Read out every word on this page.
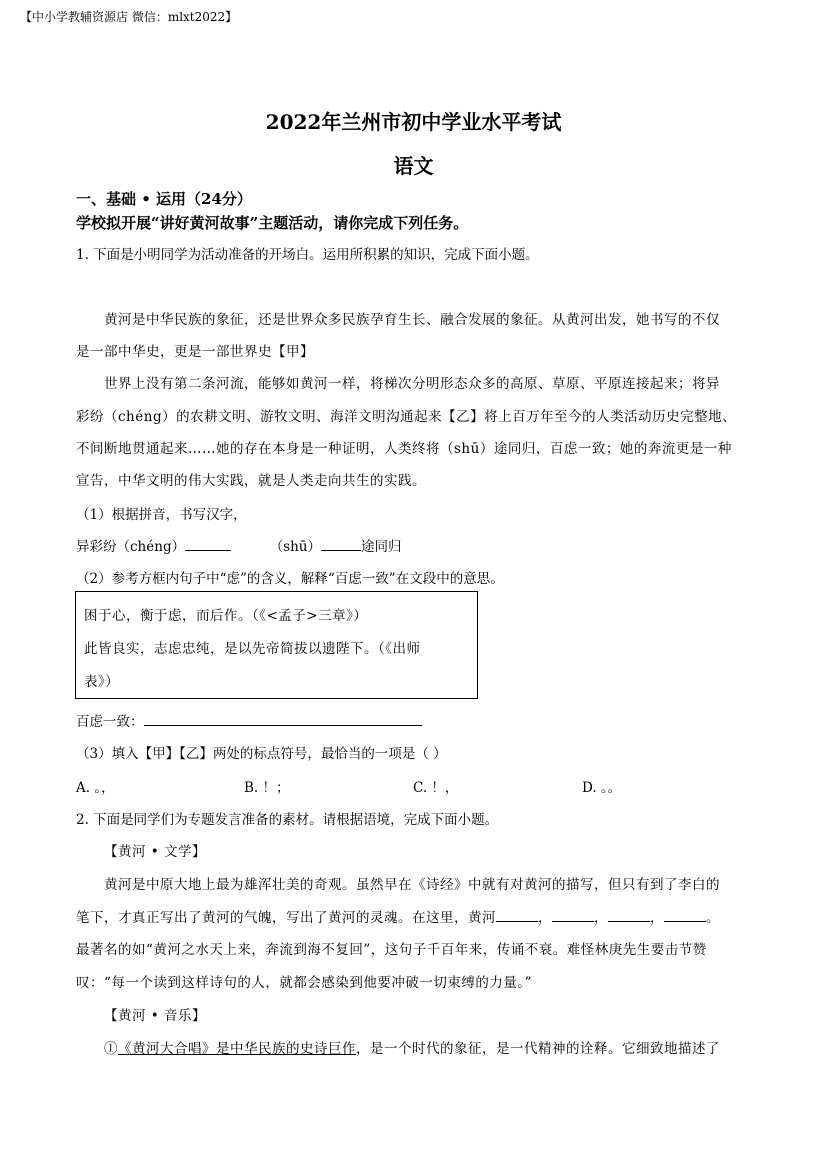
【中小学教辅资源店 微信：mlxt2022】
2022年兰州市初中学业水平考试
语文
一、基础 • 运用（24分）
学校拟开展“讲好黄河故事”主题活动，请你完成下列任务。
1. 下面是小明同学为活动准备的开场白。运用所积累的知识，完成下面小题。
黄河是中华民族的象征，还是世界众多民族孕育生长、融合发展的象征。从黄河出发，她书写的不仅
是一部中华史，更是一部世界史【甲】
世界上没有第二条河流，能够如黄河一样，将梯次分明形态众多的高原、草原、平原连接起来；将异
彩纷（chéng）的农耕文明、游牧文明、海洋文明沟通起来【乙】将上百万年至今的人类活动历史完整地、
不间断地贯通起来……她的存在本身是一种证明，人类终将（shū）途同归，百虑一致；她的奔流更是一种
宣告，中华文明的伟大实践，就是人类走向共生的实践。
（1）根据拼音，书写汉字，
异彩纷（chéng）	（shū）	途同归
（2）参考方框内句子中“虑”的含义，解释“百虑一致”在文段中的意思。
困于心，衡于虑，而后作。（《<孟子>三章》）
此皆良实，志虑忠纯，是以先帝简拔以遗陛下。（《出师
表》）
百虑一致：
（3）填入【甲】【乙】两处的标点符号，最恰当的一项是（ ）
A. 。，	B. ！；	C. ！，	D. 。。
2. 下面是同学们为专题发言准备的素材。请根据语境，完成下面小题。
【黄河 • 文学】
黄河是中原大地上最为雄浑壮美的奇观。虽然早在《诗经》中就有对黄河的描写，但只有到了李白的
笔下，才真正写出了黄河的气魄，写出了黄河的灵魂。在这里，黄河	，	，	，	。
最著名的如“黄河之水天上来，奔流到海不复回”，这句子千百年来，传诵不衰。难怪林庚先生要击节赞
叹：“每一个读到这样诗句的人，就都会感染到他要冲破一切束缚的力量。”
【黄河 • 音乐】
①《黄河大合唱》是中华民族的史诗巨作，是一个时代的象征，是一代精神的诠释。它细致地描述了
